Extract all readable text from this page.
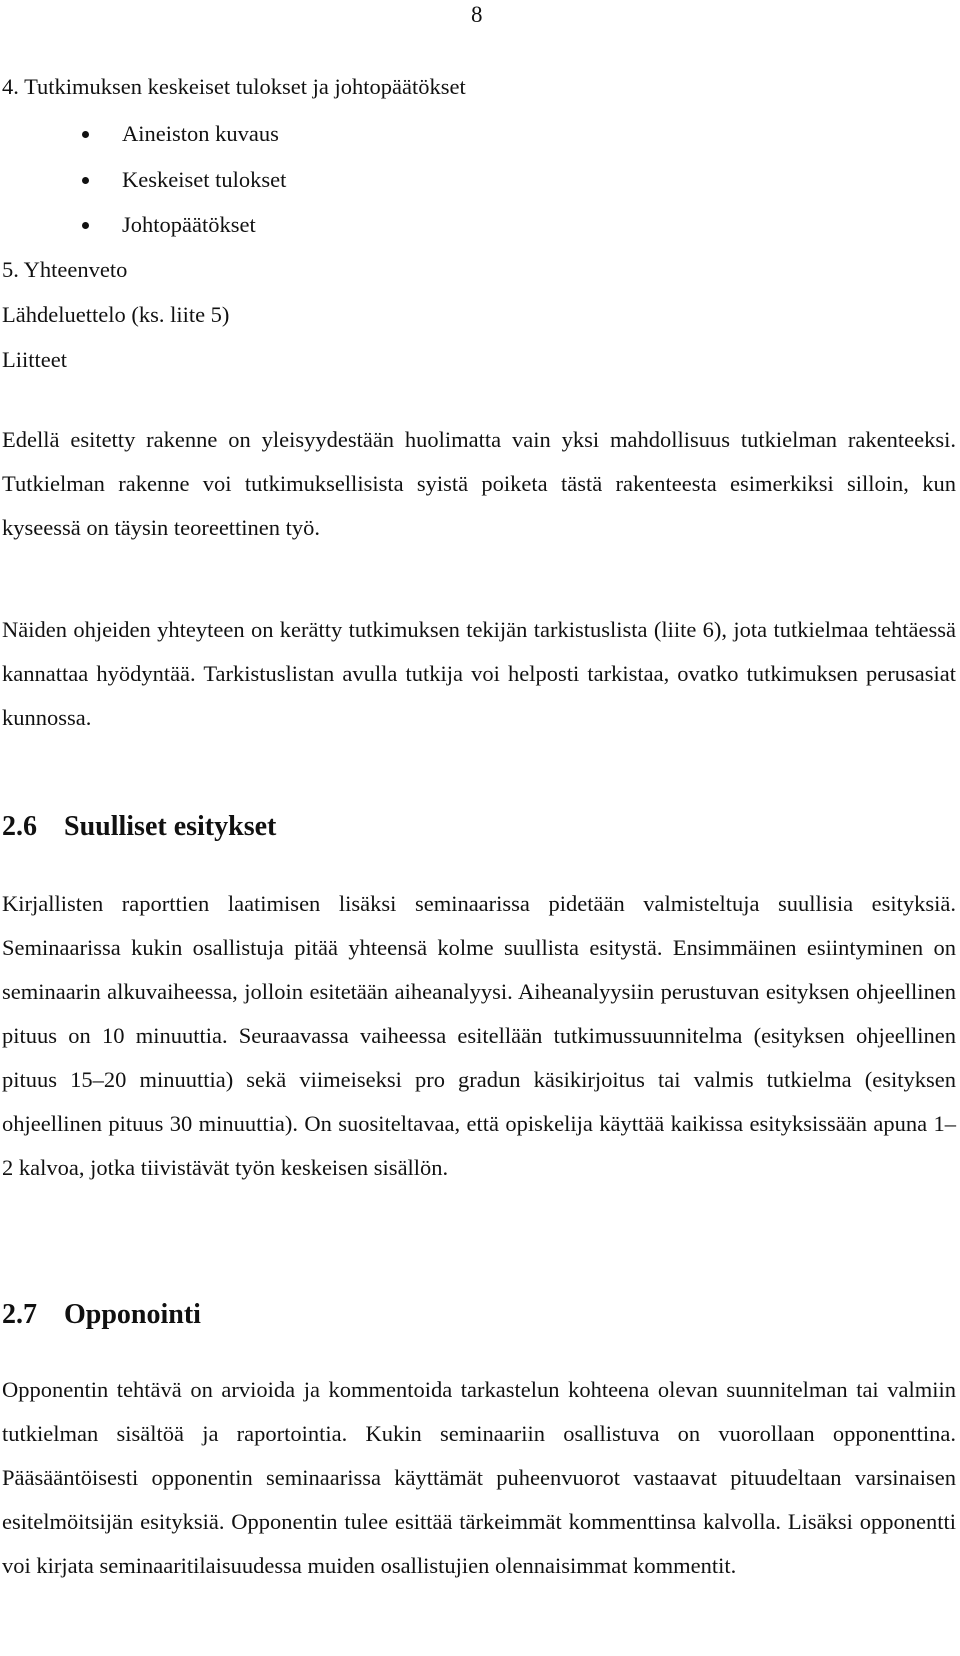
8
4. Tutkimuksen keskeiset tulokset ja johtopäätökset
Aineiston kuvaus
Keskeiset tulokset
Johtopäätökset
5. Yhteenveto
Lähdeluettelo (ks. liite 5)
Liitteet

Edellä esitetty rakenne on yleisyydestään huolimatta vain yksi mahdollisuus tutkielman rakenteeksi. Tutkielman rakenne voi tutkimuksellisista syistä poiketa tästä rakenteesta esimerkiksi silloin, kun kyseessä on täysin teoreettinen työ.

Näiden ohjeiden yhteyteen on kerätty tutkimuksen tekijän tarkistuslista (liite 6), jota tutkielmaa tehtäessä kannattaa hyödyntää. Tarkistuslistan avulla tutkija voi helposti tarkistaa, ovatko tutkimuksen perusasiat kunnossa.

2.6 Suulliset esitykset

Kirjallisten raporttien laatimisen lisäksi seminaarissa pidetään valmisteltuja suullisia esityksiä. Seminaarissa kukin osallistuja pitää yhteensä kolme suullista esitystä. Ensimmäinen esiintyminen on seminaarin alkuvaiheessa, jolloin esitetään aiheanalyysi. Aiheanalyysiin perustuvan esityksen ohjeellinen pituus on 10 minuuttia. Seuraavassa vaiheessa esitellään tutkimussuunnitelma (esityksen ohjeellinen pituus 15–20 minuuttia) sekä viimeiseksi pro gradun käsikirjoitus tai valmis tutkielma (esityksen ohjeellinen pituus 30 minuuttia). On suositeltavaa, että opiskelija käyttää kaikissa esityksissään apuna 1–2 kalvoa, jotka tiivistävät työn keskeisen sisällön.

2.7 Opponointi

Opponentin tehtävä on arvioida ja kommentoida tarkastelun kohteena olevan suunnitelman tai valmiin tutkielman sisältöä ja raportointia. Kukin seminaariin osallistuva on vuorollaan opponenttina. Pääsääntöisesti opponentin seminaarissa käyttämät puheenvuorot vastaavat pituudeltaan varsinaisen esitelmöitsijän esityksiä. Opponentin tulee esittää tärkeimmät kommenttinsa kalvolla. Lisäksi opponentti voi kirjata seminaaritilaisuudessa muiden osallistujien olennaisimmat kommentit.
